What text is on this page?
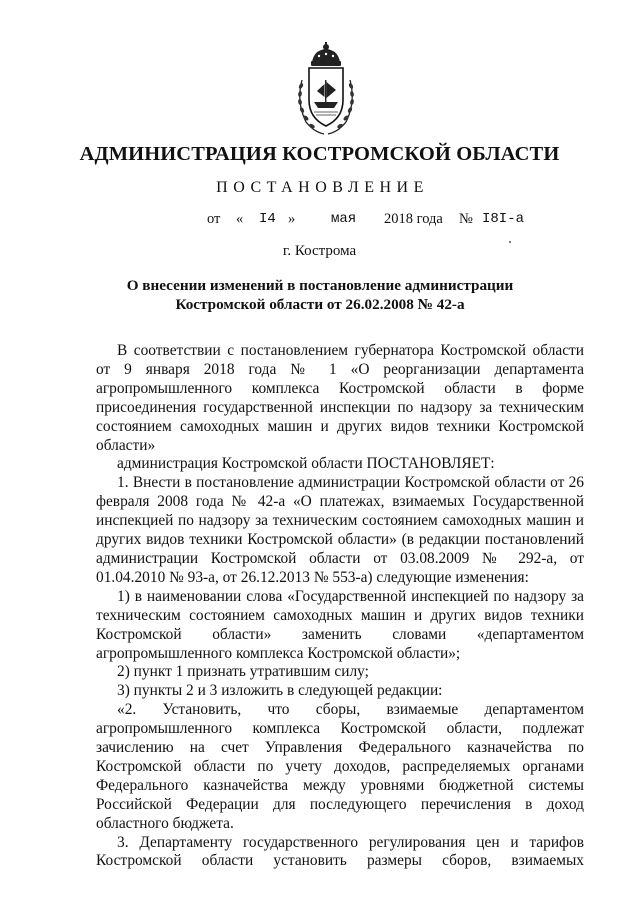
АДМИНИСТРАЦИЯ КОСТРОМСКОЙ ОБЛАСТИ
ПОСТАНОВЛЕНИЕ
от « I4 »	мая 2018 года № I8I-а
г. Кострома
О внесении изменений в постановление администрации
Костромской области от 26.02.2008 № 42-а

В соответствии с постановлением губернатора Костромской области от 9 января 2018 года № 1 «О реорганизации департамента агропромышленного комплекса Костромской области в форме присоединения государственной инспекции по надзору за техническим состоянием самоходных машин и других видов техники Костромской области»

администрация Костромской области ПОСТАНОВЛЯЕТ:

1. Внести в постановление администрации Костромской области от 26 февраля 2008 года № 42-а «О платежах, взимаемых Государственной инспекцией по надзору за техническим состоянием самоходных машин и других видов техники Костромской области» (в редакции постановлений администрации Костромской области от 03.08.2009 № 292-а, от 01.04.2010 № 93-а, от 26.12.2013 № 553-а) следующие изменения:

1) в наименовании слова «Государственной инспекцией по надзору за техническим состоянием самоходных машин и других видов техники Костромской области» заменить словами «департаментом агропромышленного комплекса Костромской области»;

2) пункт 1 признать утратившим силу;

3) пункты 2 и 3 изложить в следующей редакции:

«2. Установить, что сборы, взимаемые департаментом агропромышленного комплекса Костромской области, подлежат зачислению на счет Управления Федерального казначейства по Костромской области по учету доходов, распределяемых органами Федерального казначейства между уровнями бюджетной системы Российской Федерации для последующего перечисления в доход областного бюджета.

3. Департаменту государственного регулирования цен и тарифов Костромской области установить размеры сборов, взимаемых
